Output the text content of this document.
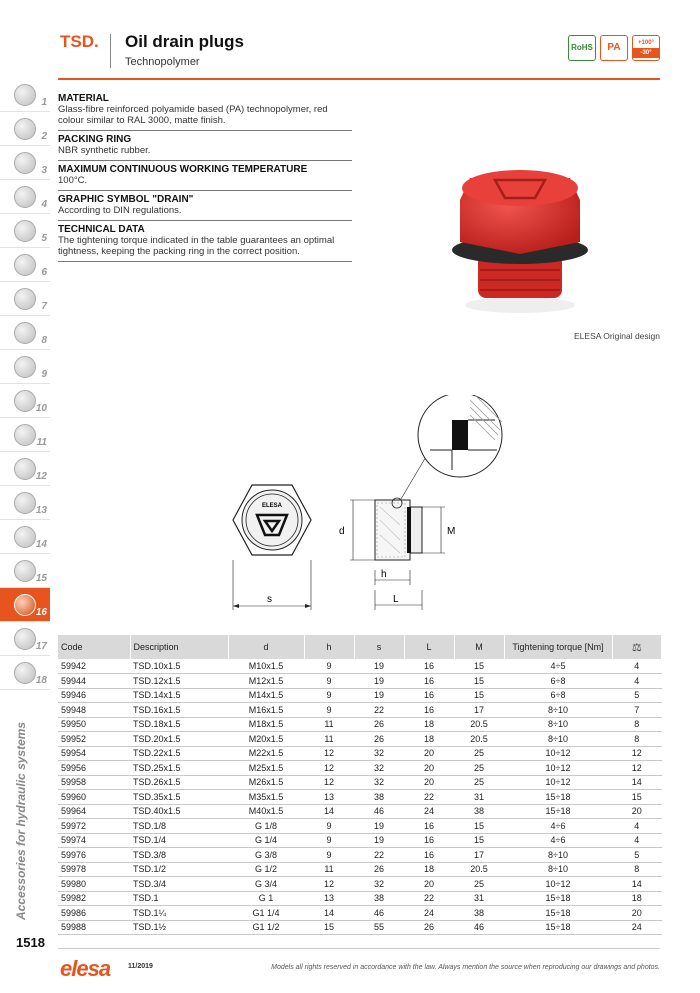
TSD. Oil drain plugs
Technopolymer
RoHS PA	+100°
-30°
1
2
3
4
5
6
7
8
9
10
11
12
13
14
15
16
17
18
Accessories for hydraulic systems
1518
MATERIAL

Glass-fibre reinforced polyamide based (PA) technopolymer, red colour similar to RAL 3000, matte finish.

PACKING RING

NBR synthetic rubber.

MAXIMUM CONTINUOUS WORKING TEMPERATURE

100°C.

GRAPHIC SYMBOL "DRAIN"

According to DIN regulations.

TECHNICAL DATA

The tightening torque indicated in the table guarantees an optimal tightness, keeping the packing ring in the correct position.

ELESA Original design
ELESA
s
d	M
h
L
Code	Description	d	h	s	L	M	Tightening torque [Nm]	⚖
59942	TSD.10x1.5	M10x1.5	9	19	16	15	4÷5	4
59944	TSD.12x1.5	M12x1.5	9	19	16	15	6÷8	4
59946	TSD.14x1.5	M14x1.5	9	19	16	15	6÷8	5
59948	TSD.16x1.5	M16x1.5	9	22	16	17	8÷10	7
59950	TSD.18x1.5	M18x1.5	11	26	18	20.5	8÷10	8
59952	TSD.20x1.5	M20x1.5	11	26	18	20.5	8÷10	8
59954	TSD.22x1.5	M22x1.5	12	32	20	25	10÷12	12
59956	TSD.25x1.5	M25x1.5	12	32	20	25	10÷12	12
59958	TSD.26x1.5	M26x1.5	12	32	20	25	10÷12	14
59960	TSD.35x1.5	M35x1.5	13	38	22	31	15÷18	15
59964	TSD.40x1.5	M40x1.5	14	46	24	38	15÷18	20
59972	TSD.1/8	G 1/8	9	19	16	15	4÷6	4
59974	TSD.1/4	G 1/4	9	19	16	15	4÷6	4
59976	TSD.3/8	G 3/8	9	22	16	17	8÷10	5
59978	TSD.1/2	G 1/2	11	26	18	20.5	8÷10	8
59980	TSD.3/4	G 3/4	12	32	20	25	10÷12	14
59982	TSD.1	G 1	13	38	22	31	15÷18	18
59986	TSD.1¼	G1 1/4	14	46	24	38	15÷18	20
59988	TSD.1½	G1 1/2	15	55	26	46	15÷18	24
elesa	11/2019	Models all rights reserved in accordance with the law. Always mention the source when reproducing our drawings and photos.
